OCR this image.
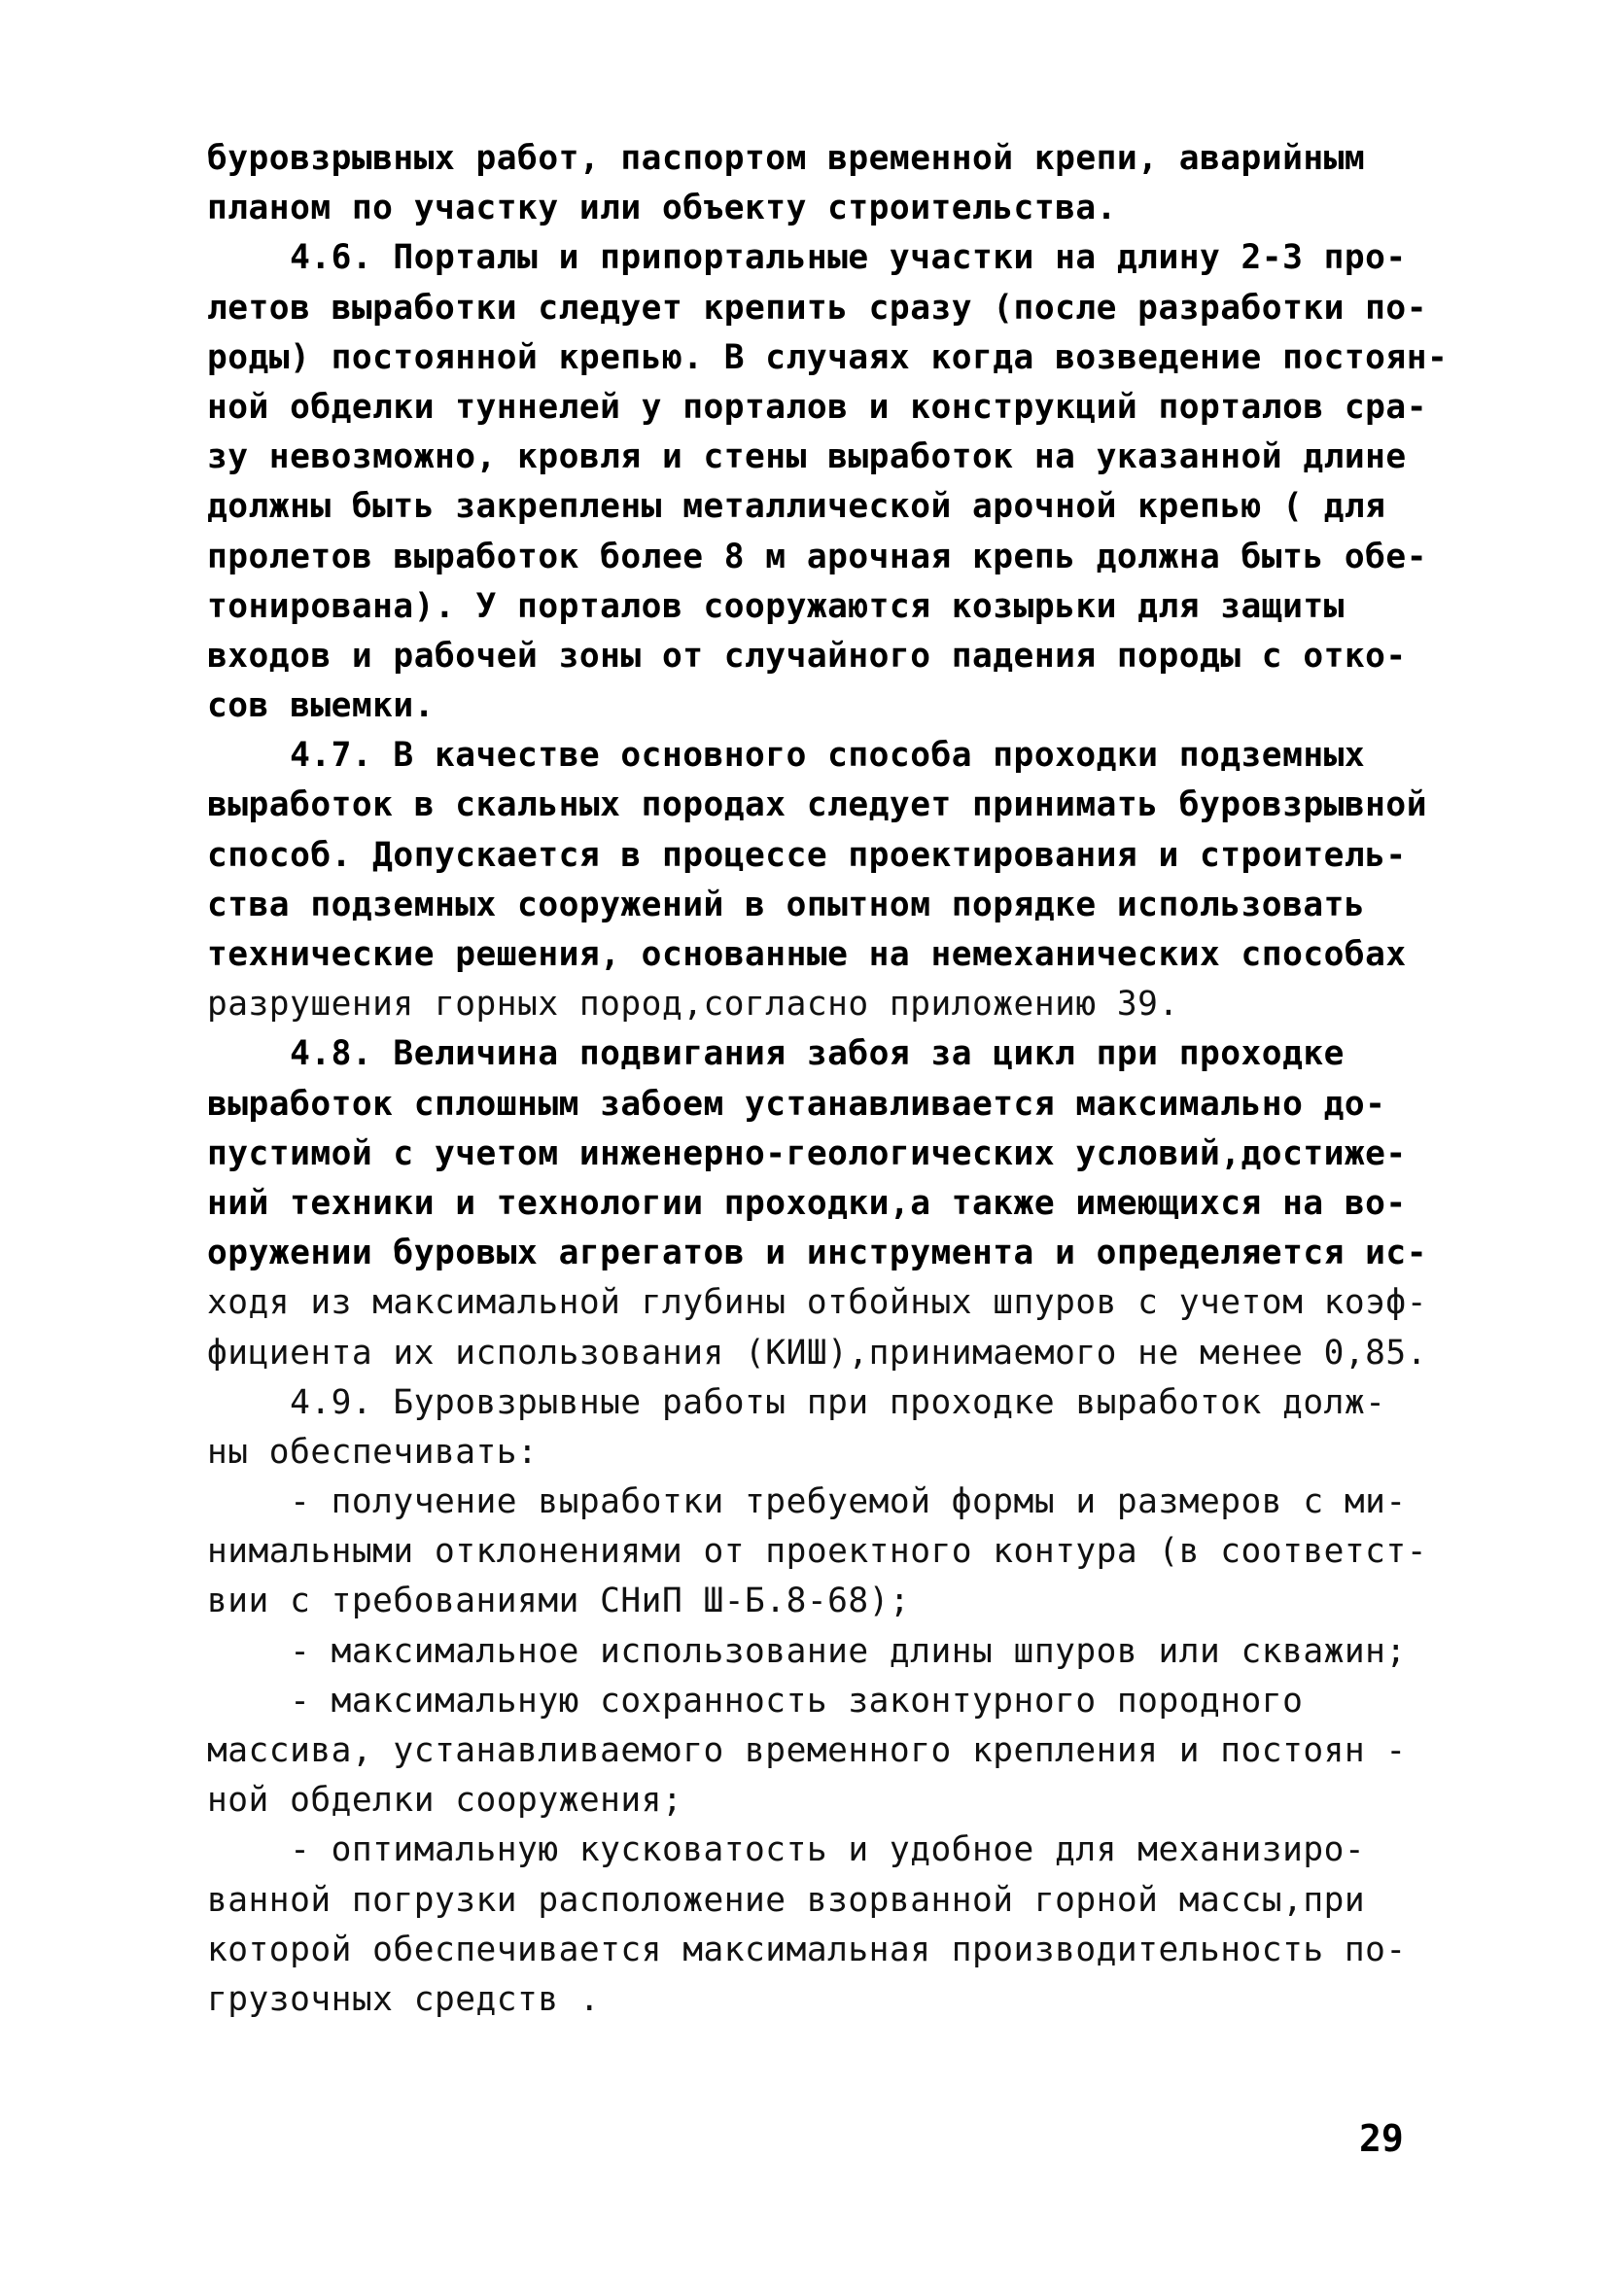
буровзрывных работ, паспортом временной крепи, аварийным
планом по участку или объекту строительства.
4.6. Порталы и припортальные участки на длину 2-3 про-
летов выработки следует крепить сразу (после разработки по-
роды) постоянной крепью. В случаях когда возведение постоян-
ной обделки туннелей у порталов и конструкций порталов сра-
зу невозможно, кровля и стены выработок на указанной длине
должны быть закреплены металлической арочной крепью ( для
пролетов выработок более 8 м арочная крепь должна быть обе-
тонирована). У порталов сооружаются козырьки для защиты
входов и рабочей зоны от случайного падения породы с отко-
сов выемки.
4.7. В качестве основного способа проходки подземных
выработок в скальных породах следует принимать буровзрывной
способ. Допускается в процессе проектирования и строитель-
ства подземных сооружений в опытном порядке использовать
технические решения, основанные на немеханических способах
разрушения горных пород,согласно приложению 39.
4.8. Величина подвигания забоя за цикл при проходке
выработок сплошным забоем устанавливается максимально до-
пустимой с учетом инженерно-геологических условий,достиже-
ний техники и технологии проходки,а также имеющихся на во-
оружении буровых агрегатов и инструмента и определяется ис-
ходя из максимальной глубины отбойных шпуров с учетом коэф-
фициента их использования (КИШ),принимаемого не менее 0,85.
4.9. Буровзрывные работы при проходке выработок долж-
ны обеспечивать:
- получение выработки требуемой формы и размеров с ми-
нимальными отклонениями от проектного контура (в соответст-
вии с требованиями СНиП Ш-Б.8-68);
- максимальное использование длины шпуров или скважин;
- максимальную сохранность законтурного породного
массива, устанавливаемого временного крепления и постоян -
ной обделки сооружения;
- оптимальную кусковатость и удобное для механизиро-
ванной погрузки расположение взорванной горной массы,при
которой обеспечивается максимальная производительность по-
грузочных средств .
29
